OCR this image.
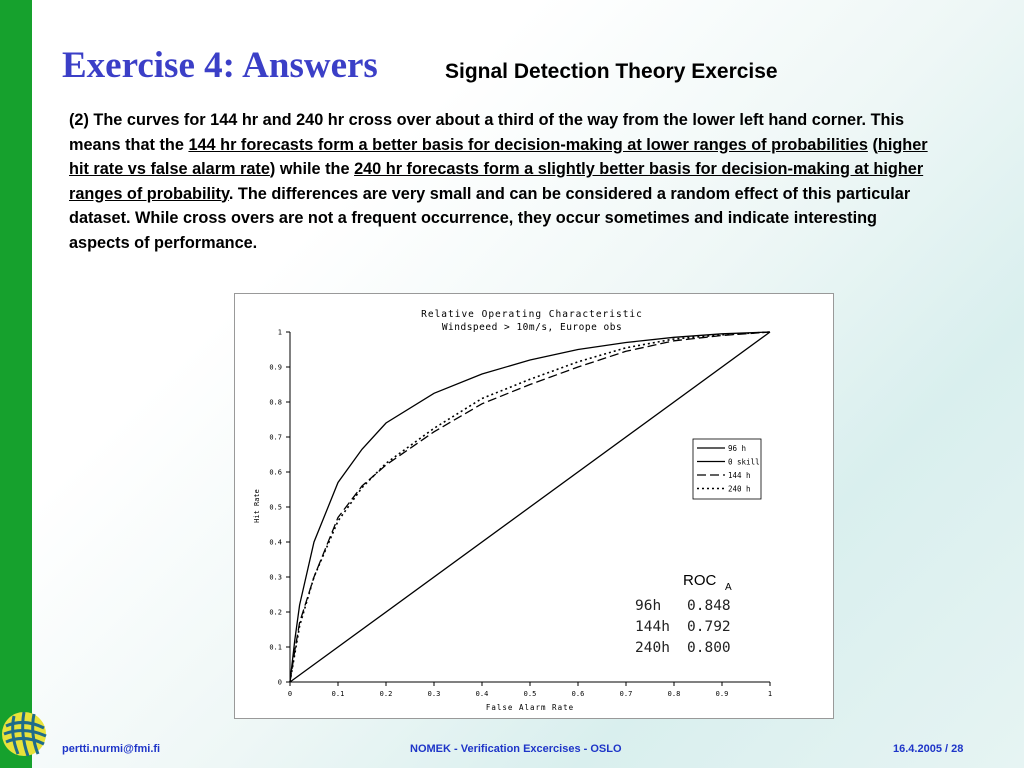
Exercise 4: Answers	Signal Detection Theory Exercise
(2) The curves for 144 hr and 240 hr cross over about a third of the way from the lower left hand corner. This means that the 144 hr forecasts form a better basis for decision-making at lower ranges of probabilities (higher hit rate vs false alarm rate) while the 240 hr forecasts form a slightly better basis for decision-making at higher ranges of probability. The differences are very small and can be considered a random effect of this particular dataset. While cross overs are not a frequent occurrence, they occur sometimes and indicate interesting aspects of performance.
Relative Operating Characteristic
Windspeed > 10m/s, Europe obs
Hit Rate
False Alarm Rate
0	0.1	0.2	0.3	0.4	0.5	0.6	0.7	0.8	0.9	1
0
0.1
0.2
0.3
0.4
0.5
0.6
0.7
0.8
0.9
1
96 h
0 skill
144 h
240 h
ROC A
96h 0.848
144h 0.792
240h 0.800
pertti.nurmi@fmi.fi	NOMEK - Verification Excercises - OSLO	16.4.2005 / 28
